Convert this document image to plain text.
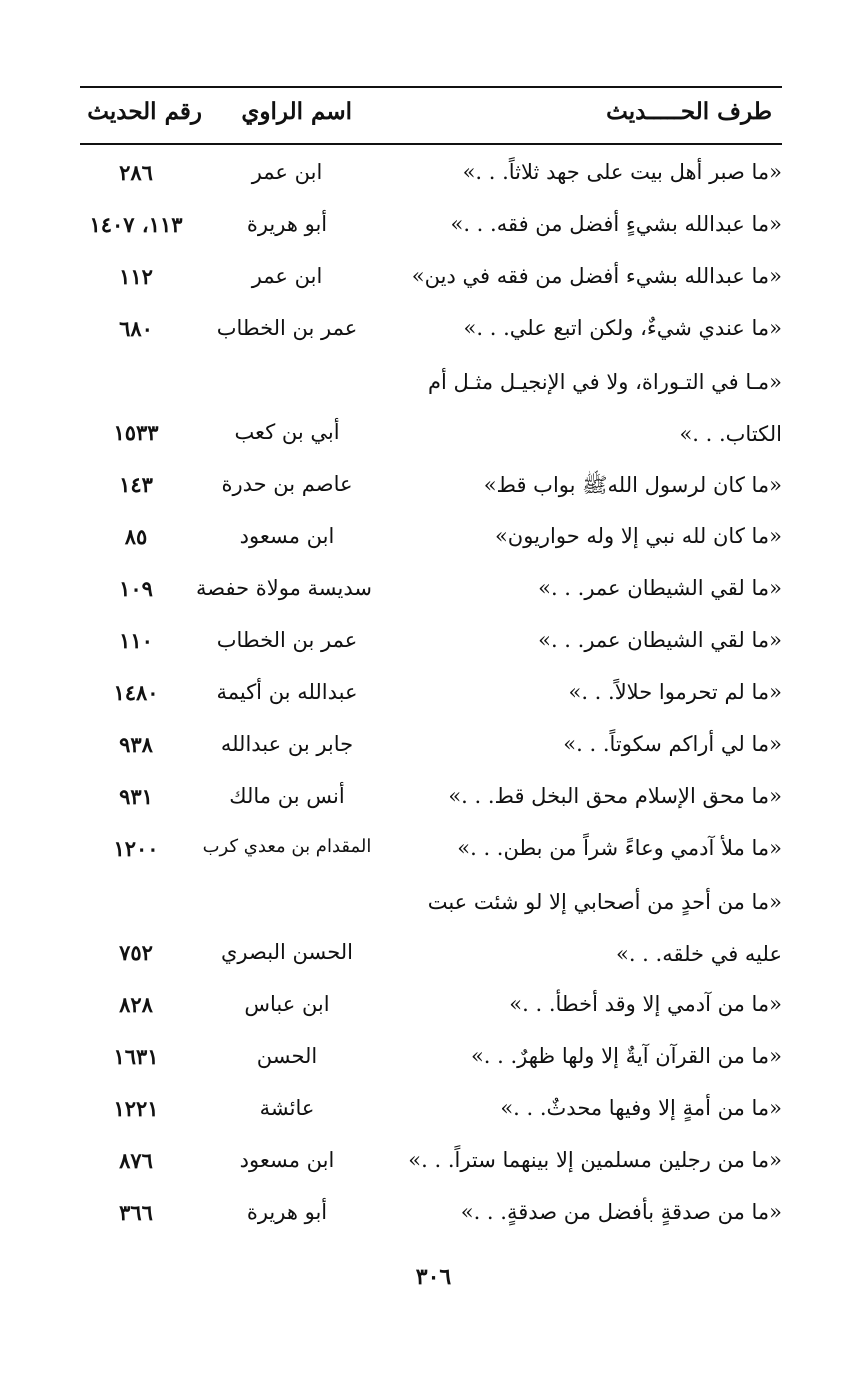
طرف الحـــــديث
اسم الراوي
رقم الحديث
«ما صبر أهل بيت على جهد ثلاثاً. . .»
ابن عمر
٢٨٦
«ما عبدالله بشيءٍ أفضل من فقه. . .»
أبو هريرة
١١٣، ١٤٠٧
«ما عبدالله بشيء أفضل من فقه في دين»
ابن عمر
١١٢
«ما عندي شيءٌ، ولكن اتبع علي. . .»
عمر بن الخطاب
٦٨٠
«مـا في التـوراة، ولا في الإنجيـل مثـل أم الكتاب. . .»
أبي بن كعب
١٥٣٣
«ما كان لرسول اللهﷺ بواب قط»
عاصم بن حدرة
١٤٣
«ما كان لله نبي إلا وله حواريون»
ابن مسعود
٨٥
«ما لقي الشيطان عمر. . .»
سديسة مولاة حفصة
١٠٩
«ما لقي الشيطان عمر. . .»
عمر بن الخطاب
١١٠
«ما لم تحرموا حلالاً. . .»
عبدالله بن أكيمة
١٤٨٠
«ما لي أراكم سكوتاً. . .»
جابر بن عبدالله
٩٣٨
«ما محق الإسلام محق البخل قط. . .»
أنس بن مالك
٩٣١
«ما ملأ آدمي وعاءً شراً من بطن. . .»
المقدام بن معدي كرب
١٢٠٠
«ما من أحدٍ من أصحابي إلا لو شئت عبت عليه في خلقه. . .»
الحسن البصري
٧٥٢
«ما من آدمي إلا وقد أخطأ. . .»
ابن عباس
٨٢٨
«ما من القرآن آيةٌ إلا ولها ظهرٌ. . .»
الحسن
١٦٣١
«ما من أمةٍ إلا وفيها محدثٌ. . .»
عائشة
١٢٢١
«ما من رجلين مسلمين إلا بينهما ستراً. . .»
ابن مسعود
٨٧٦
«ما من صدقةٍ بأفضل من صدقةٍ. . .»
أبو هريرة
٣٦٦
٣٠٦
